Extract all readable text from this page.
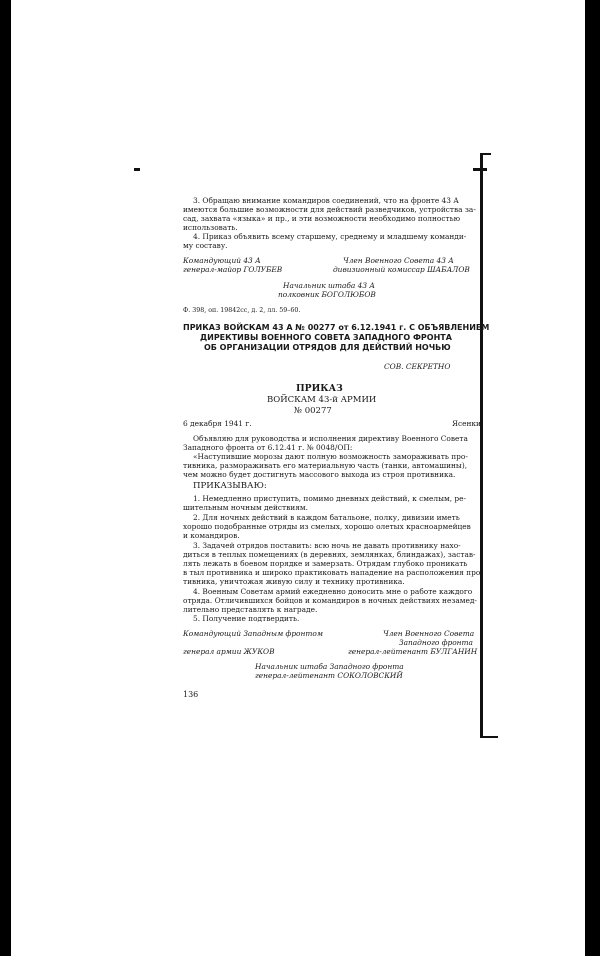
3. Обращаю внимание командиров соединений, что на фронте 43 А
имеются большие возможности для действий разведчиков, устройства за-
сад, захвата «языка» и пр., и эти возможности необходимо полностью
использовать.
4. Приказ объявить всему старшему, среднему и младшему команди-
му составу.
Командующий 43 А
генерал-майор ГОЛУБЕВ
Член Военного Совета 43 А
дивизионный комиссар ШАБАЛОВ
Начальник штаба 43 А
полковник БОГОЛЮБОВ
Ф. 398, оп. 19842сс, д. 2, лл. 59–60.
ПРИКАЗ ВОЙСКАМ 43 А № 00277 от 6.12.1941 г. С ОБЪЯВЛЕНИЕМ
ДИРЕКТИВЫ ВОЕННОГО СОВЕТА ЗАПАДНОГО ФРОНТА
ОБ ОРГАНИЗАЦИИ ОТРЯДОВ ДЛЯ ДЕЙСТВИЙ НОЧЬЮ
СОВ. СЕКРЕТНО
ПРИКАЗ
ВОЙСКАМ 43-й АРМИИ
№ 00277
6 декабря 1941 г.	Ясенки
Объявляю для руководства и исполнения директиву Военного Совета
Западного фронта от 6.12.41 г. № 0048/ОП:
«Наступившие морозы дают полную возможность замораживать про-
тивника, размораживать его материальную часть (танки, автомашины),
чем можно будет достигнуть массового выхода из строя противника.
ПРИКАЗЫВАЮ:
1. Немедленно приступить, помимо дневных действий, к смелым, ре-
шительным ночным действиям.
2. Для ночных действий в каждом батальоне, полку, дивизии иметь
хорошо подобранные отряды из смелых, хорошо олетых красноармейцев
и командиров.
3. Задачей отрядов поставить: всю ночь не давать противнику нахо-
диться в теплых помещениях (в деревнях, землянках, блиндажах), застав-
лять лежать в боевом порядке и замерзать. Отрядам глубоко проникать
в тыл противника и широко практиковать нападение на расположения про-
тивника, уничтожая живую силу и технику противника.
4. Военным Советам армий ежедневно доносить мне о работе каждого
отряда. Отличившихся бойцов и командиров в ночных действиях незамед-
лительно представлять к награде.
5. Получение подтвердить.
Командующий Западным фронтом	Член Военного Совета
Западного фронта
генерал армии ЖУКОВ	генерал-лейтенант БУЛГАНИН
Начальник штаба Западного фронта
генерал-лейтенант СОКОЛОВСКИЙ
136
